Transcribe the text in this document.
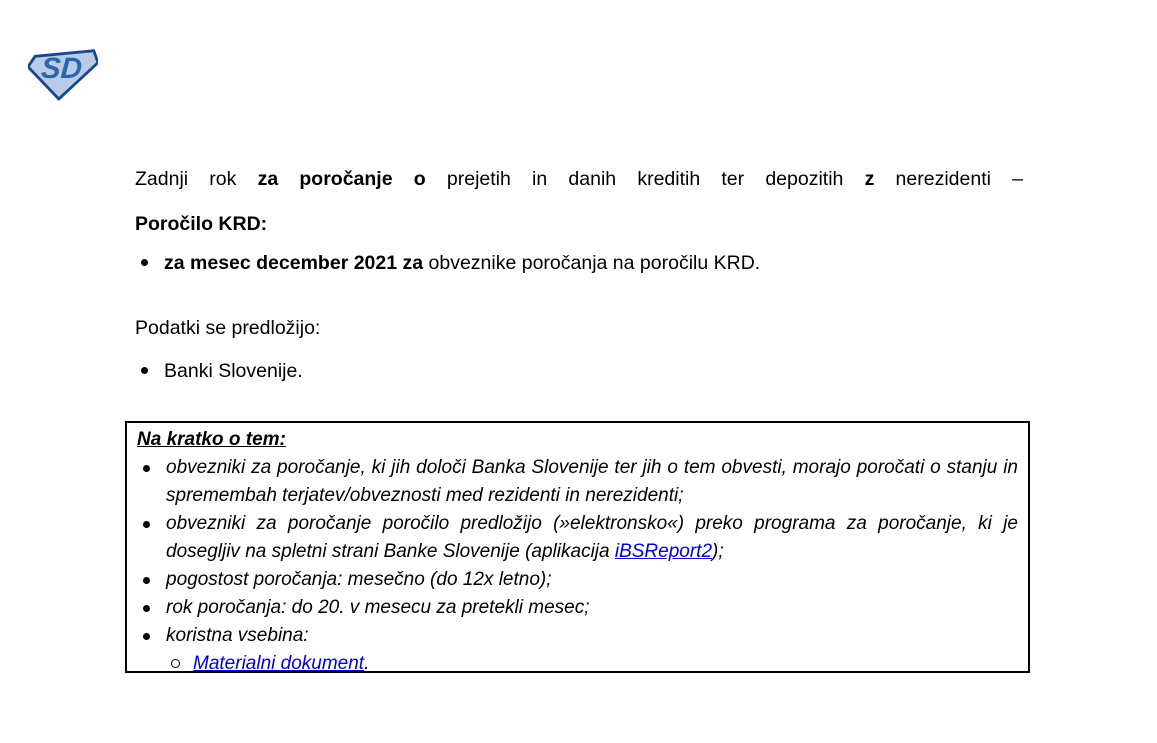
SD
Zadnji rok za poročanje o prejetih in danih kreditih ter depozitih z nerezidenti –
Poročilo KRD:
za mesec december 2021 za obveznike poročanja na poročilu KRD.
Podatki se predložijo:
Banki Slovenije.
Na kratko o tem:
obvezniki za poročanje, ki jih določi Banka Slovenije ter jih o tem obvesti, morajo poročati o stanju in spremembah terjatev/obveznosti med rezidenti in nerezidenti;
obvezniki za poročanje poročilo predložijo (»elektronsko«) preko programa za poročanje, ki je dosegljiv na spletni strani Banke Slovenije (aplikacija iBSReport2);
pogostost poročanja: mesečno (do 12x letno);
rok poročanja: do 20. v mesecu za pretekli mesec;
koristna vsebina:
Materialni dokument.
